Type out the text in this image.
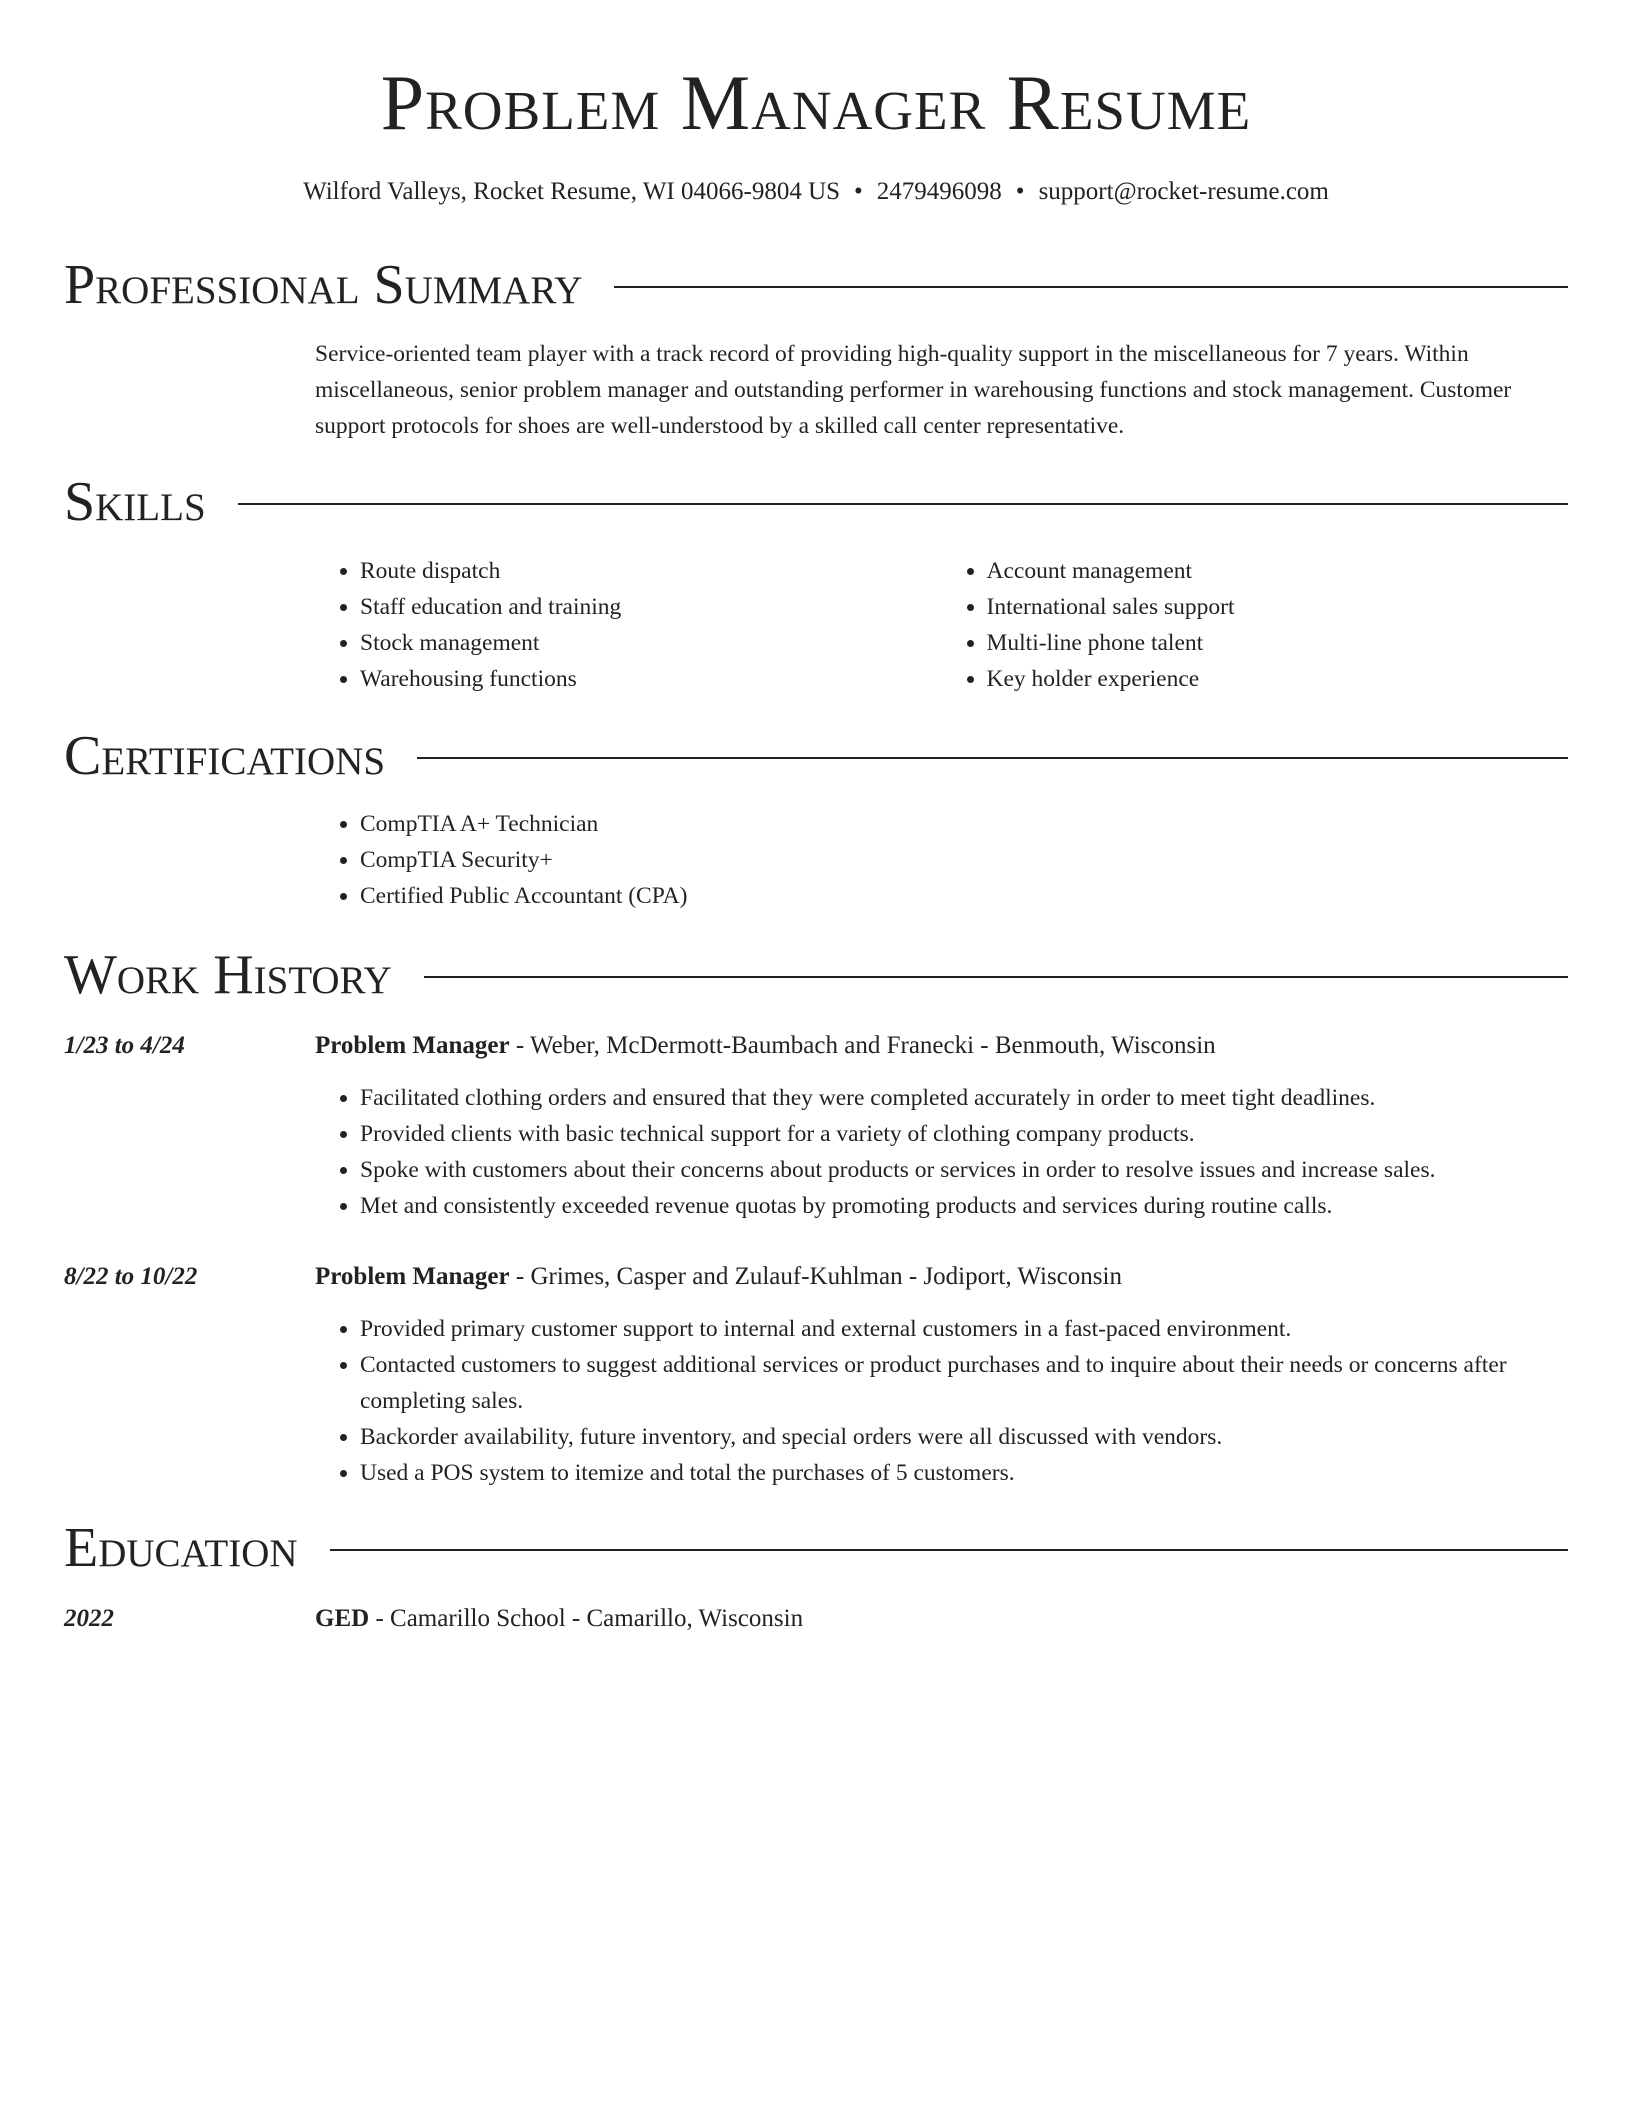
Problem Manager Resume
Wilford Valleys, Rocket Resume, WI 04066-9804 US • 2479496098 • support@rocket-resume.com
Professional Summary

Service-oriented team player with a track record of providing high-quality support in the miscellaneous for 7 years. Within miscellaneous, senior problem manager and outstanding performer in warehousing functions and stock management. Customer support protocols for shoes are well-understood by a skilled call center representative.

Skills
• Route dispatch
• Staff education and training
• Stock management
• Warehousing functions
• Account management
• International sales support
• Multi-line phone talent
• Key holder experience
Certifications
• CompTIA A+ Technician
• CompTIA Security+
• Certified Public Accountant (CPA)
Work History
1/23 to 4/24	Problem Manager - Weber, McDermott-Baumbach and Franecki - Benmouth, Wisconsin

• Facilitated clothing orders and ensured that they were completed accurately in order to meet tight deadlines.
• Provided clients with basic technical support for a variety of clothing company products.
• Spoke with customers about their concerns about products or services in order to resolve issues and increase sales.
• Met and consistently exceeded revenue quotas by promoting products and services during routine calls.
8/22 to 10/22	Problem Manager - Grimes, Casper and Zulauf-Kuhlman - Jodiport, Wisconsin

• Provided primary customer support to internal and external customers in a fast-paced environment.
• Contacted customers to suggest additional services or product purchases and to inquire about their needs or concerns after completing sales.
• Backorder availability, future inventory, and special orders were all discussed with vendors.
• Used a POS system to itemize and total the purchases of 5 customers.
Education
2022	GED - Camarillo School - Camarillo, Wisconsin
